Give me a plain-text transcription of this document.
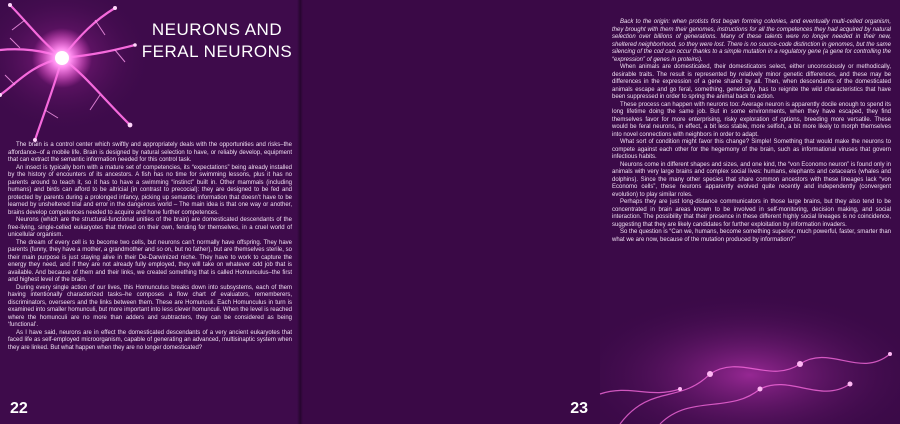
NEURONS AND
FERAL NEURONS

The brain is a control center which swiftly and appropriately deals with the opportunities and risks–the affordance–of a mobile life. Brain is designed by natural selection to have, or reliably develop, equipment that can extract the semantic information needed for this control task.

An insect is typically born with a mature set of competencies, its “expectations” being already installed by the history of encounters of its ancestors. A fish has no time for swimming lessons, plus it has no parents around to teach it, so it has to have a swimming “instinct” built in. Other mammals (including humans) and birds can afford to be altricial (in contrast to precocial): they are designed to be fed and protected by parents during a prolonged infancy, picking up semantic information that doesn’t have to be learned by unsheltered trial and error in the dangerous world – The main idea is that one way or another, brains develop competences needed to acquire and hone further competences.

Neurons (which are the structural-functional unities of the brain) are domesticated descendants of the free-living, single-celled eukaryotes that thrived on their own, fending for themselves, in a cruel world of unicellular organism.

The dream of every cell is to become two cells, but neurons can’t normally have offspring. They have parents (funny, they have a mother, a grandmother and so on, but no father), but are themselves sterile, so their main purpose is just staying alive in their De-Darwinized niche. They have to work to capture the energy they need, and if they are not already fully employed, they will take on whatever odd job that is available. And because of them and their links, we created something that is called Homunculus–the first and highest level of the brain.

During every single action of our lives, this Homunculus breaks down into subsystems, each of them having intentionally characterized tasks–he composes a flow chart of evaluators, rememberers, discriminators, overseers and the links between them. These are Homunculi. Each Homunculus in turn is examined into smaller homunculi, but more important into less clever homunculi. When the level is reached where the homunculi are no more than adders and subtracters, they can be considered as being ‘functional’.

As I have said, neurons are in effect the domesticated descendants of a very ancient eukaryotes that faced life as self-employed microorganism, capable of generating an advanced, multisinaptic system when they are linked. But what happen when they are no longer domesticated?

22

Back to the origin: when protists first began forming colonies, and eventually multi-celled organism, they brought with them their genomes, instructions for all the competences they had acquired by natural selection over billions of generations. Many of these talents were no longer needed in their new, sheltered neighborhood, so they were lost. There is no source-code distinction in genomes, but the same silencing of the cod can occur thanks to a simple mutation in a regulatory gene (a gene for controlling the “expression” of genes in proteins).

When animals are domesticated, their domesticators select, either unconsciously or methodically, desirable traits. The result is represented by relatively minor genetic differences, and these may be differences in the expression of a gene shared by all. Then, when descendants of the domesticated animals escape and go feral, something, genetically, has to reignite the wild characteristics that have been suppressed in order to spring the animal back to action.

These process can happen with neurons too: Average neuron is apparently docile enough to spend its long lifetime doing the same job. But in some environments, when they have escaped, they find themselves favor for more enterprising, risky exploration of options, breeding more versatile. These would be feral neurons, in effect, a bit less stable, more selfish, a bit more likely to morph themselves into novel connections with neighbors in order to adapt.

What sort of condition might favor this change? Simple! Something that would make the neurons to compete against each other for the hegemony of the brain, such as informational viruses that govern infectious habits.

Neurons come in different shapes and sizes, and one kind, the “von Economo neuron” is found only in animals with very large brains and complex social lives: humans, elephants and cetaceans (whales and dolphins). Since the many other species that share common ancestors with these lineages lack “von Economo cells”, these neurons apparently evolved quite recently and independently (convergent evolution) to play similar roles.

Perhaps they are just long-distance communicators in those large brains, but they also tend to be concentrated in brain areas known to be involved in self-monitoring, decision making, and social interaction. The possibility that their presence in these different highly social lineages is no coincidence, suggesting that they are likely candidates for further exploitation by information invaders.

So the question is “Can we, humans, become something superior, much powerful, faster, smarter than what we are now, because of the mutation produced by information?”

23
